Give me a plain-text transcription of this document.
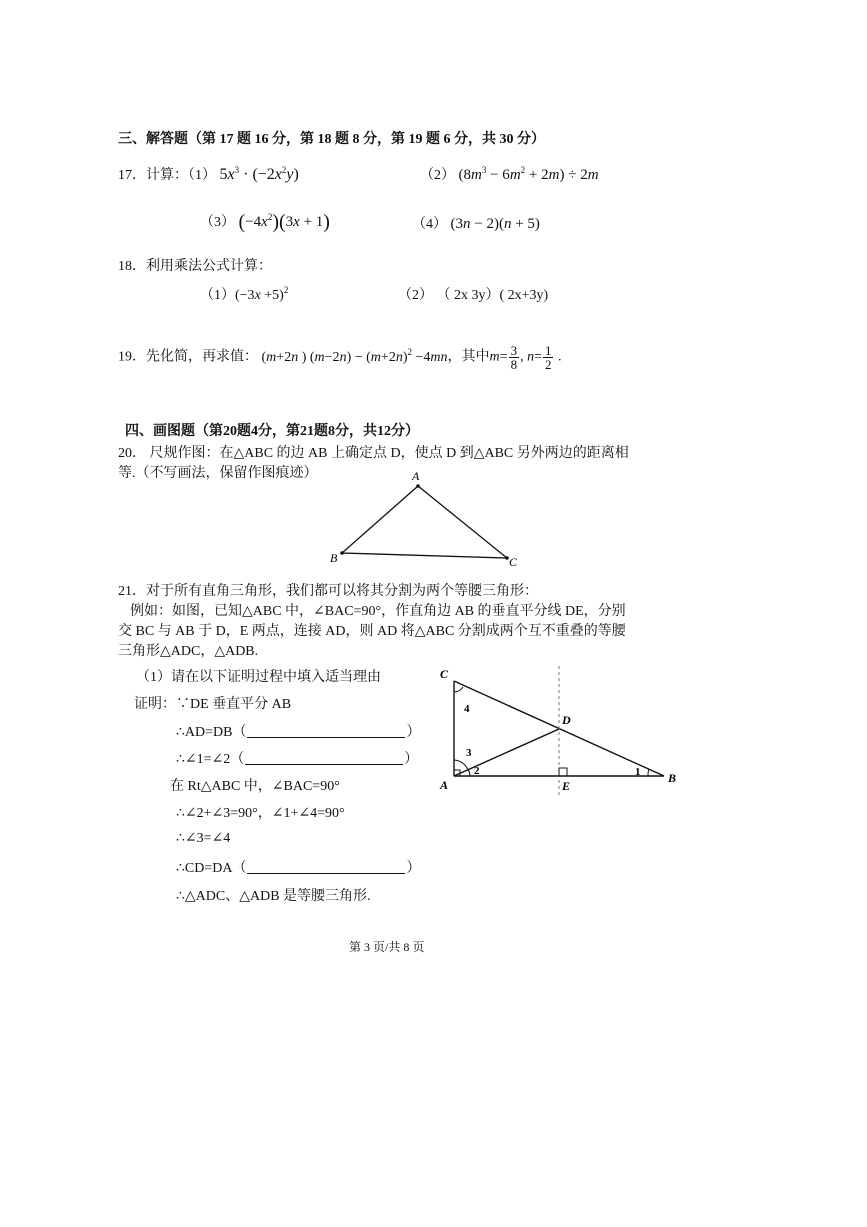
三、解答题（第 17 题 16 分，第 18 题 8 分，第 19 题 6 分，共 30 分）
17．计算：（1） $5x^3 \cdot (-2x^2y)$	（2） $(8m^3 - 6m^2 + 2m) \div 2m$
（3） $(-4x^2)(3x + 1)$	（4） (3n − 2)(n + 5)
18．利用乘法公式计算：
$(1)(-3x +5)^2$	（2） （ 2x 3y）( 2x+3y)
19．先化简，再求值： (m+2n ) $(m-2n) - (m+2n)^2 -4mn$，其中$m= \frac{3}{8}$ , $n= \frac{1}{2}$ .
四、画图题（第20题4分，第21题8分，共12分）
20． 尺规作图：在△ABC 的边 AB 上确定点 D，使点 D 到△ABC 另外两边的距离相
等.（不写画法，保留作图痕迹）	A
B	C
21．对于所有直角三角形，我们都可以将其分割为两个等腰三角形：
例如：如图，已知△ABC 中，∠BAC=90°，作直角边 AB 的垂直平分线 DE，分别
交 BC 与 AB 于 D，E 两点，连接 AD，则 AD 将△ABC 分割成两个互不重叠的等腰
三角形△ADC，△ADB.
（1）请在以下证明过程中填入适当理由
证明：∵DE 垂直平分 AB
∴AD=DB（	）
∴∠1=∠2（	）
在 Rt△ABC 中，∠BAC=90°
∴∠2+∠3=90°，∠1+∠4=90°
∴∠3=∠4
∴CD=DA（	）
∴△ADC、△ADB 是等腰三角形.
C
A	B
D
E
1
2
3
4
第 3 页/共 8 页
